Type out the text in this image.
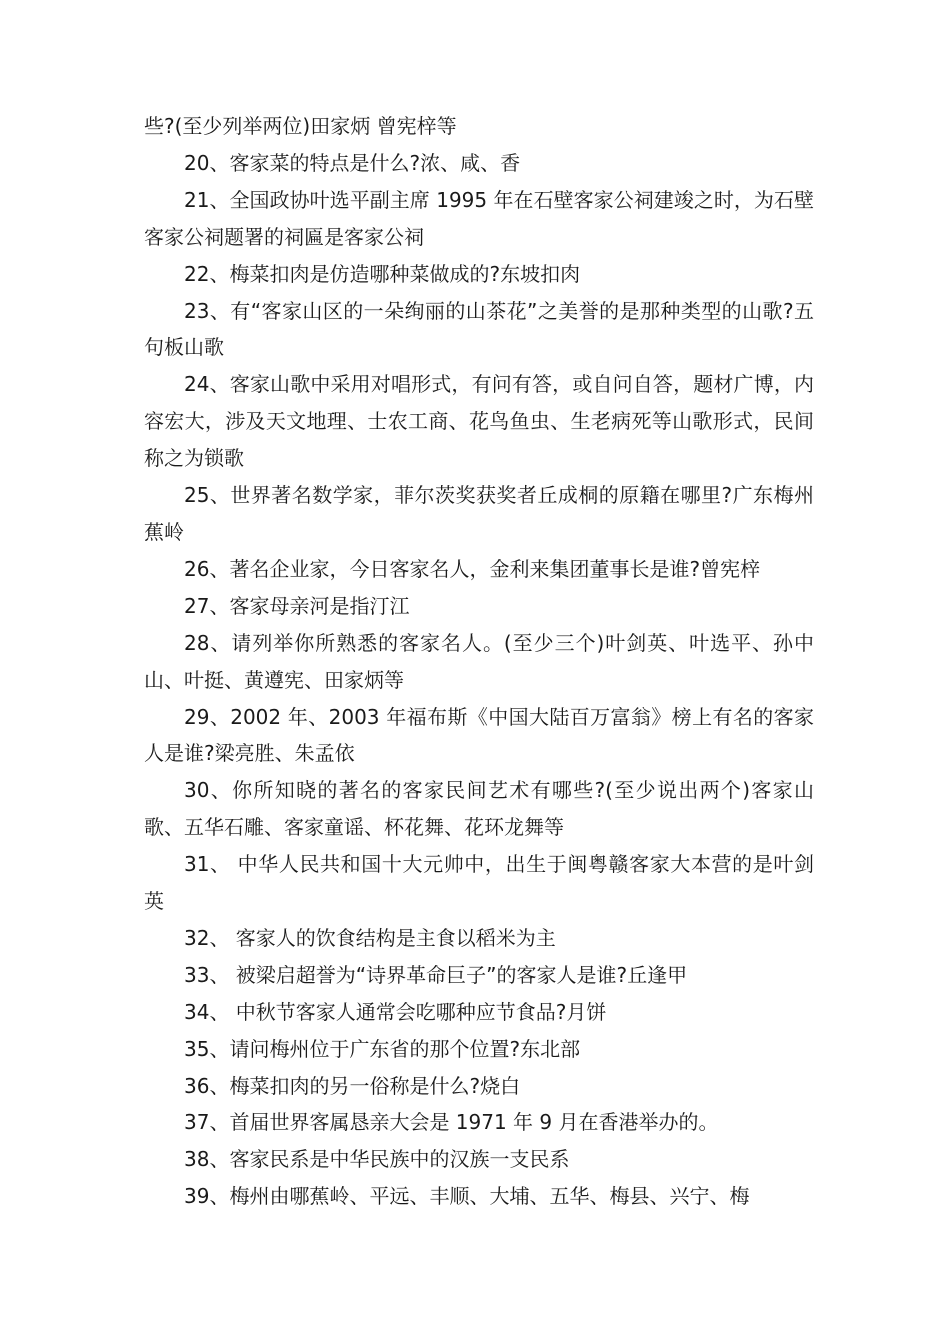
些?(至少列举两位)田家炳 曾宪梓等

20、客家菜的特点是什么?浓、咸、香

21、全国政协叶选平副主席 1995 年在石壁客家公祠建竣之时，为石壁客家公祠题署的祠匾是客家公祠

22、梅菜扣肉是仿造哪种菜做成的?东坡扣肉

23、有“客家山区的一朵绚丽的山茶花”之美誉的是那种类型的山歌?五句板山歌

24、客家山歌中采用对唱形式，有问有答，或自问自答，题材广博，内容宏大，涉及天文地理、士农工商、花鸟鱼虫、生老病死等山歌形式，民间称之为锁歌

25、世界著名数学家，菲尔茨奖获奖者丘成桐的原籍在哪里?广东梅州蕉岭

26、著名企业家，今日客家名人，金利来集团董事长是谁?曾宪梓

27、客家母亲河是指汀江

28、请列举你所熟悉的客家名人。(至少三个)叶剑英、叶选平、孙中山、叶挺、黄遵宪、田家炳等

29、2002 年、2003 年福布斯《中国大陆百万富翁》榜上有名的客家人是谁?梁亮胜、朱孟依

30、你所知晓的著名的客家民间艺术有哪些?(至少说出两个)客家山歌、五华石雕、客家童谣、杯花舞、花环龙舞等

31、 中华人民共和国十大元帅中，出生于闽粤赣客家大本营的是叶剑英

32、 客家人的饮食结构是主食以稻米为主

33、 被梁启超誉为“诗界革命巨子”的客家人是谁?丘逢甲

34、 中秋节客家人通常会吃哪种应节食品?月饼

35、请问梅州位于广东省的那个位置?东北部

36、梅菜扣肉的另一俗称是什么?烧白

37、首届世界客属恳亲大会是 1971 年 9 月在香港举办的。

38、客家民系是中华民族中的汉族一支民系

39、梅州由哪蕉岭、平远、丰顺、大埔、五华、梅县、兴宁、梅
